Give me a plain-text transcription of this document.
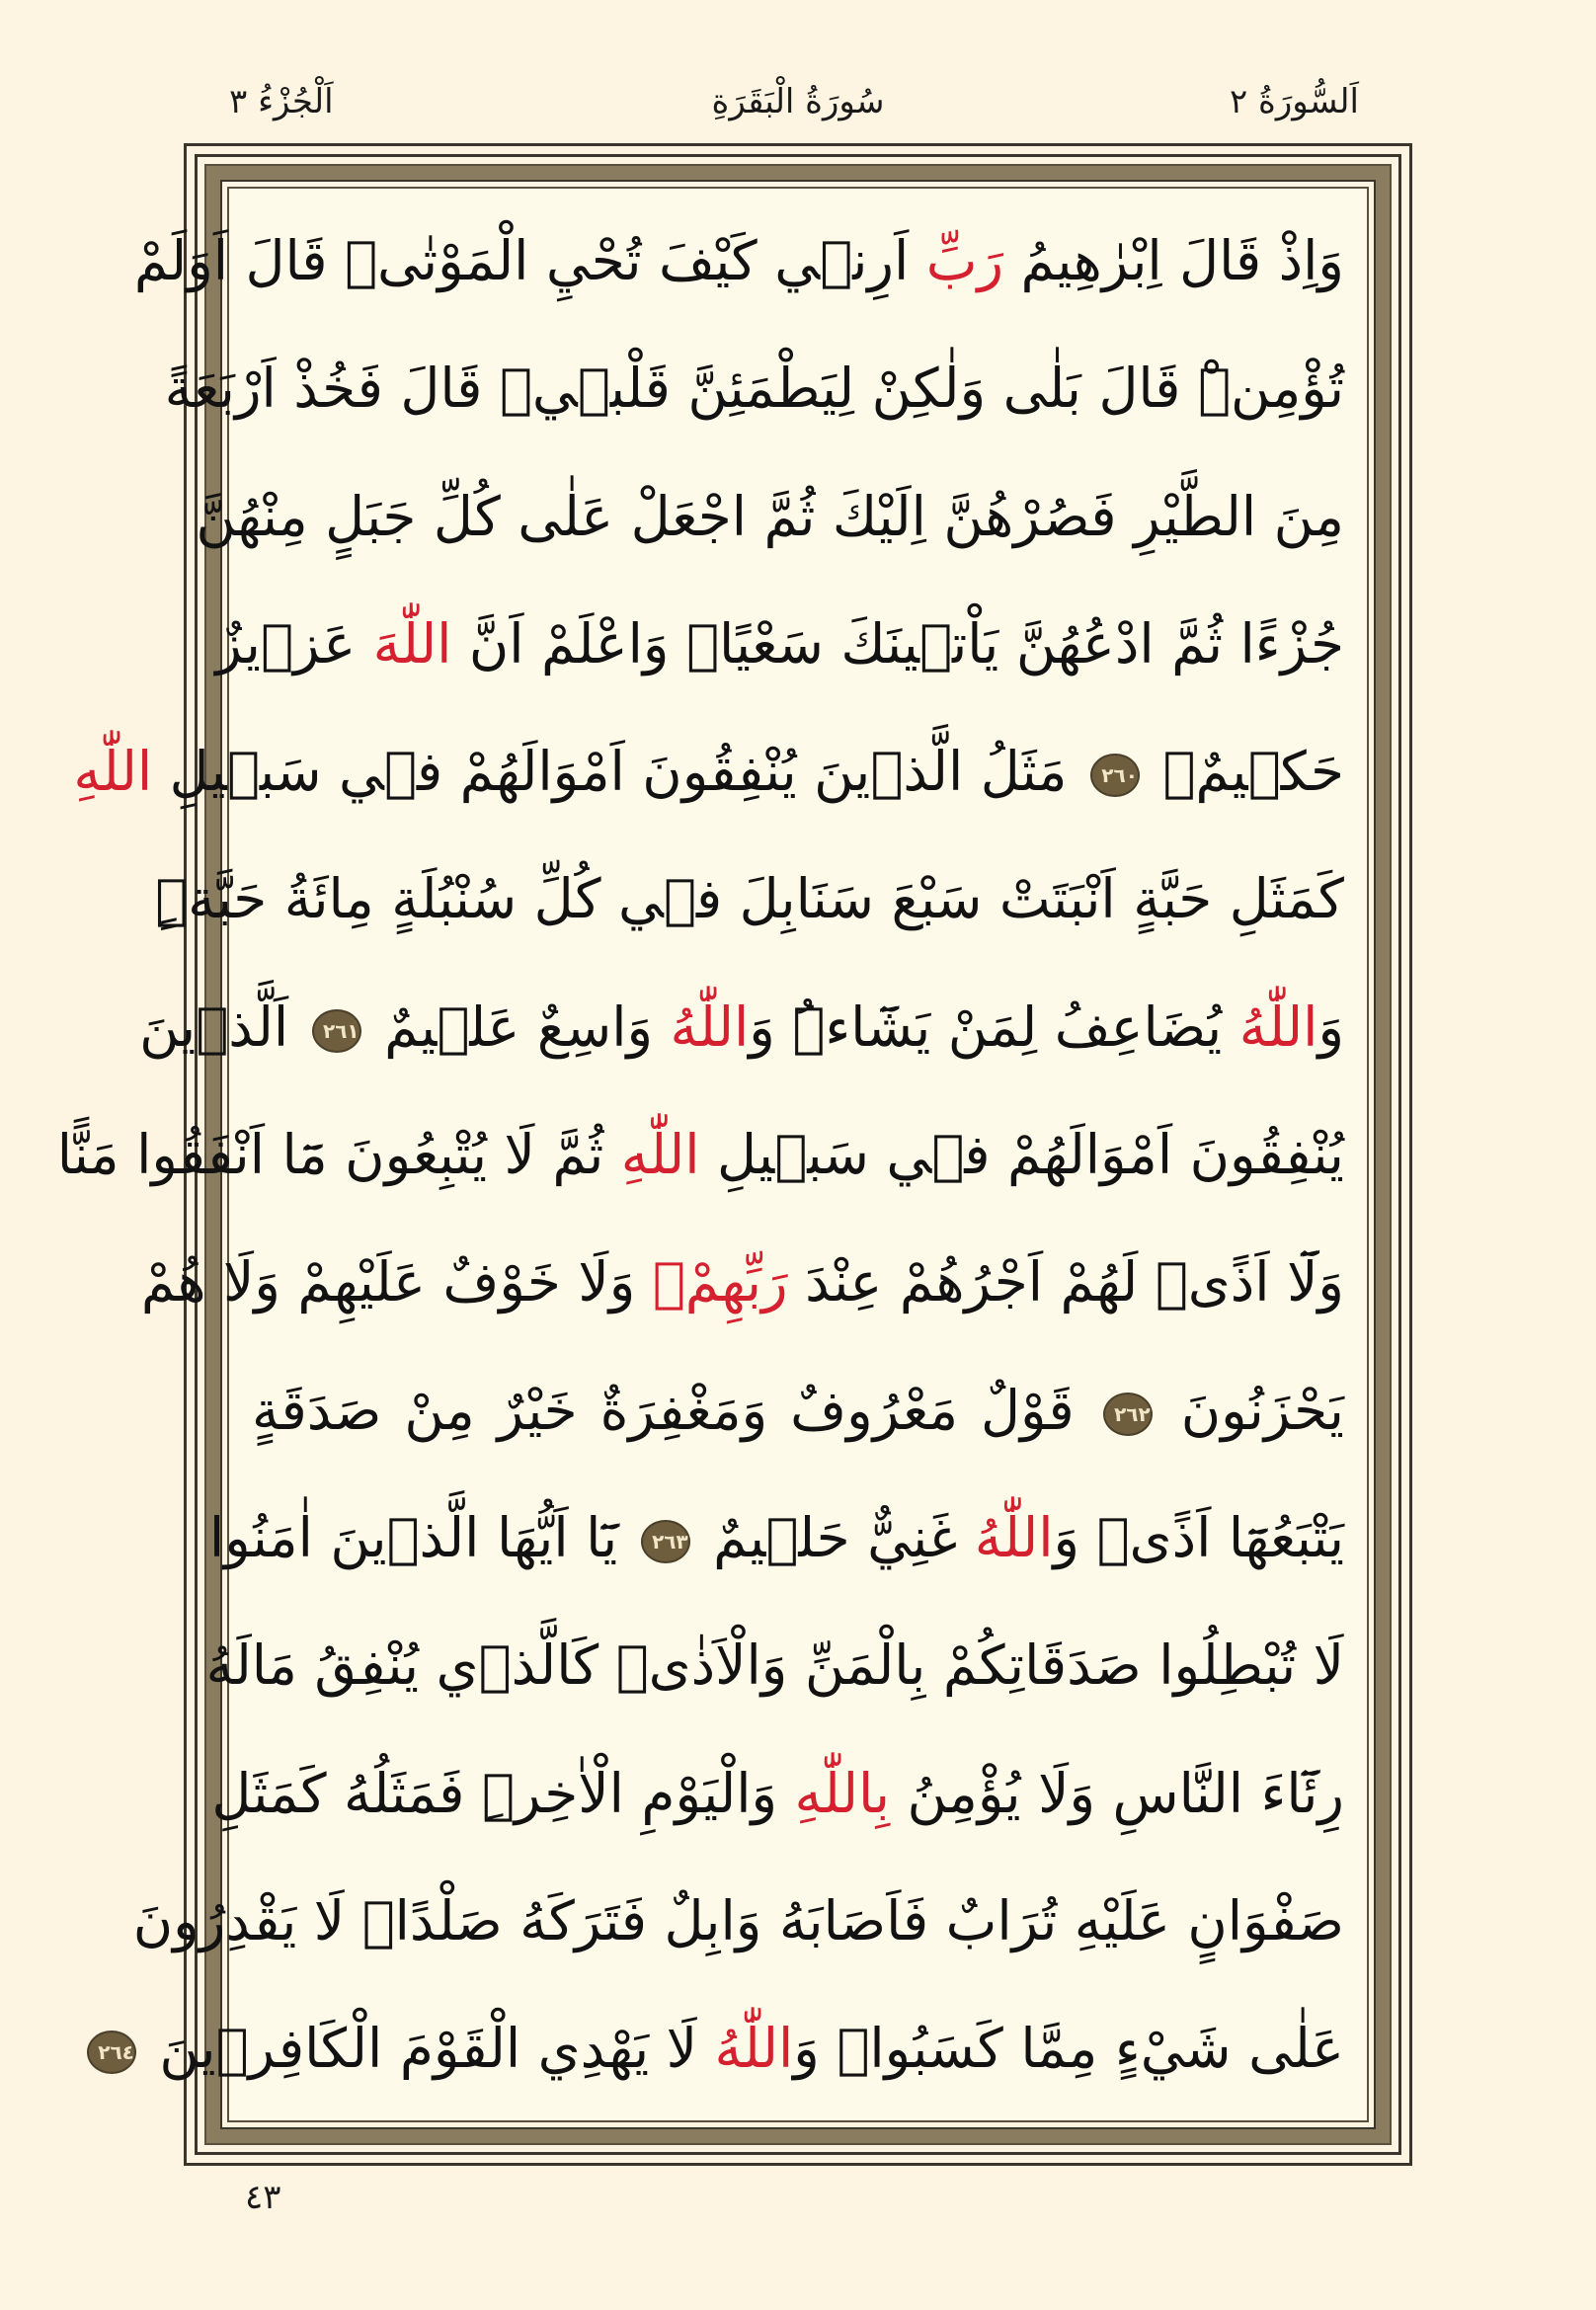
اَلسُّورَةُ ٢
سُورَةُ الْبَقَرَةِ
اَلْجُزْءُ ٣
وَاِذْ قَالَ اِبْرٰهِيمُ رَبِّ اَرِنٖي كَيْفَ تُحْيِ الْمَوْتٰىۜ قَالَ اَوَلَمْ
تُؤْمِنْۜ قَالَ بَلٰى وَلٰكِنْ لِيَطْمَئِنَّ قَلْبٖيۜ قَالَ فَخُذْ اَرْبَعَةً
مِنَ الطَّيْرِ فَصُرْهُنَّ اِلَيْكَ ثُمَّ اجْعَلْ عَلٰى كُلِّ جَبَلٍ مِنْهُنَّ
جُزْءًا ثُمَّ ادْعُهُنَّ يَاْتٖينَكَ سَعْيًاۜ وَاعْلَمْ اَنَّ اللّٰهَ عَزٖيزٌ
حَكٖيمٌ۟ ٢٦٠ مَثَلُ الَّذٖينَ يُنْفِقُونَ اَمْوَالَهُمْ فٖي سَبٖيلِ اللّٰهِ
كَمَثَلِ حَبَّةٍ اَنْبَتَتْ سَبْعَ سَنَابِلَ فٖي كُلِّ سُنْبُلَةٍ مِائَةُ حَبَّةٍۜ
وَاللّٰهُ يُضَاعِفُ لِمَنْ يَشَٓاءُۜ وَاللّٰهُ وَاسِعٌ عَلٖيمٌ ٢٦١ اَلَّذٖينَ
يُنْفِقُونَ اَمْوَالَهُمْ فٖي سَبٖيلِ اللّٰهِ ثُمَّ لَا يُتْبِعُونَ مَٓا اَنْفَقُوا مَنًّا
وَلَٓا اَذًىۙ لَهُمْ اَجْرُهُمْ عِنْدَ رَبِّهِمْۚ وَلَا خَوْفٌ عَلَيْهِمْ وَلَا هُمْ
يَحْزَنُونَ ٢٦٢ قَوْلٌ مَعْرُوفٌ وَمَغْفِرَةٌ خَيْرٌ مِنْ صَدَقَةٍ
يَتْبَعُهَٓا اَذًىۜ وَاللّٰهُ غَنِيٌّ حَلٖيمٌ ٢٦٣ يَٓا اَيُّهَا الَّذٖينَ اٰمَنُوا
لَا تُبْطِلُوا صَدَقَاتِكُمْ بِالْمَنِّ وَالْاَذٰىۙ كَالَّذٖي يُنْفِقُ مَالَهُ
رِئَٓاءَ النَّاسِ وَلَا يُؤْمِنُ بِاللّٰهِ وَالْيَوْمِ الْاٰخِرِۜ فَمَثَلُهُ كَمَثَلِ
صَفْوَانٍ عَلَيْهِ تُرَابٌ فَاَصَابَهُ وَابِلٌ فَتَرَكَهُ صَلْدًاۜ لَا يَقْدِرُونَ
عَلٰى شَيْءٍ مِمَّا كَسَبُواۜ وَاللّٰهُ لَا يَهْدِي الْقَوْمَ الْكَافِرٖينَ ٢٦٤
٤٣
